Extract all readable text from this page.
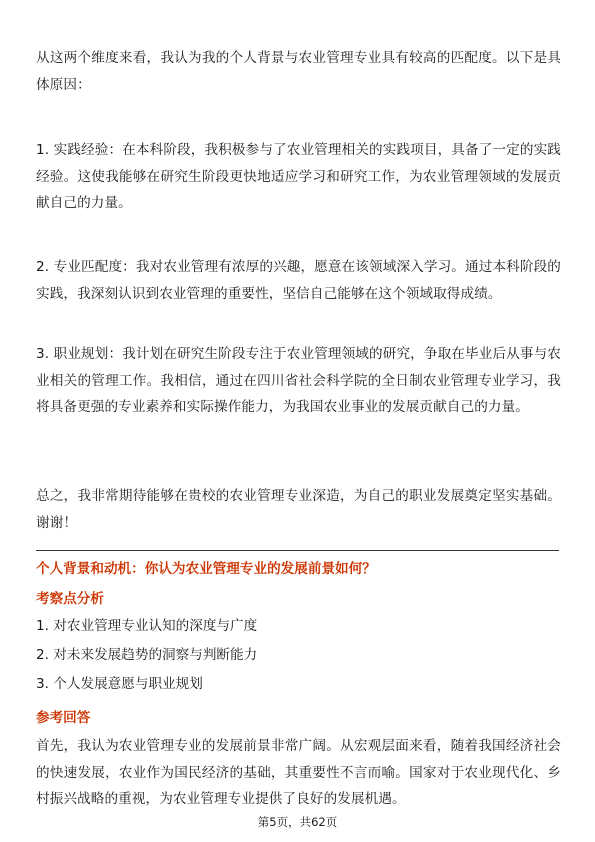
从这两个维度来看，我认为我的个人背景与农业管理专业具有较高的匹配度。以下是具体原因：

1. 实践经验：在本科阶段，我积极参与了农业管理相关的实践项目，具备了一定的实践经验。这使我能够在研究生阶段更快地适应学习和研究工作，为农业管理领域的发展贡献自己的力量。

2. 专业匹配度：我对农业管理有浓厚的兴趣，愿意在该领域深入学习。通过本科阶段的实践，我深刻认识到农业管理的重要性，坚信自己能够在这个领域取得成绩。

3. 职业规划：我计划在研究生阶段专注于农业管理领域的研究，争取在毕业后从事与农业相关的管理工作。我相信，通过在四川省社会科学院的全日制农业管理专业学习，我将具备更强的专业素养和实际操作能力，为我国农业事业的发展贡献自己的力量。

总之，我非常期待能够在贵校的农业管理专业深造，为自己的职业发展奠定坚实基础。谢谢！

个人背景和动机：你认为农业管理专业的发展前景如何？
考察点分析
1. 对农业管理专业认知的深度与广度
2. 对未来发展趋势的洞察与判断能力
3. 个人发展意愿与职业规划
参考回答

首先，我认为农业管理专业的发展前景非常广阔。从宏观层面来看，随着我国经济社会的快速发展，农业作为国民经济的基础，其重要性不言而喻。国家对于农业现代化、乡村振兴战略的重视，为农业管理专业提供了良好的发展机遇。

第5页，共62页
